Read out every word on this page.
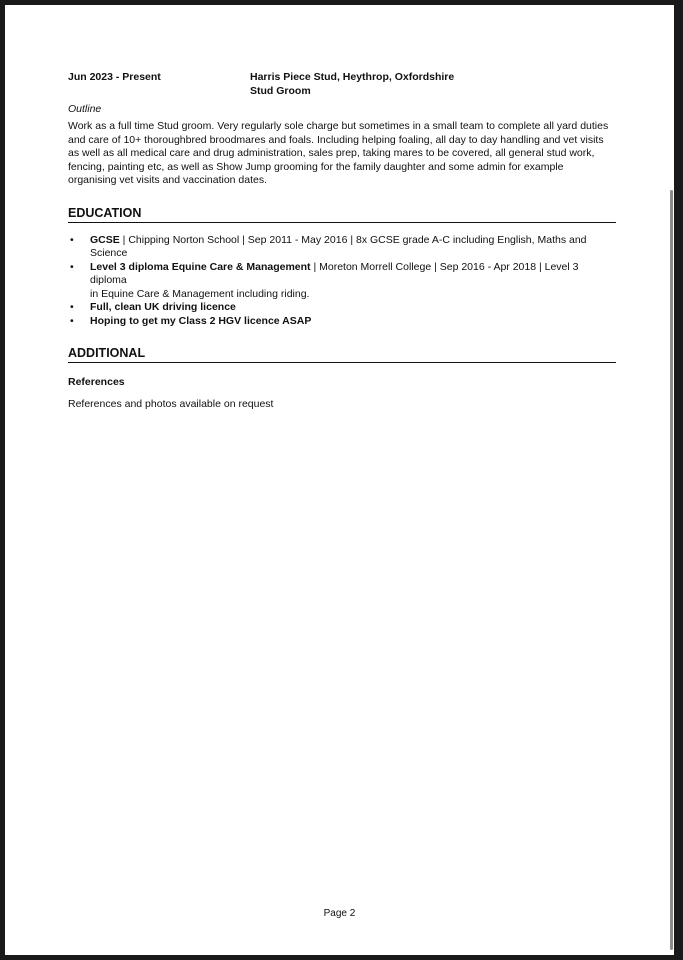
Jun 2023 - Present	Harris Piece Stud, Heythrop, Oxfordshire
Stud Groom
Outline
Work as a full time Stud groom. Very regularly sole charge but sometimes in a small team to complete all yard duties
and care of 10+ thoroughbred broodmares and foals. Including helping foaling, all day to day handling and vet visits
as well as all medical care and drug administration, sales prep, taking mares to be covered, all general stud work,
fencing, painting etc, as well as Show Jump grooming for the family daughter and some admin for example
organising vet visits and vaccination dates.
EDUCATION
• GCSE | Chipping Norton School | Sep 2011 - May 2016 | 8x GCSE grade A-C including English, Maths and Science
• Level 3 diploma Equine Care & Management | Moreton Morrell College | Sep 2016 - Apr 2018 | Level 3 diploma
in Equine Care & Management including riding.
• Full, clean UK driving licence
• Hoping to get my Class 2 HGV licence ASAP
ADDITIONAL
References
References and photos available on request
Page 2
